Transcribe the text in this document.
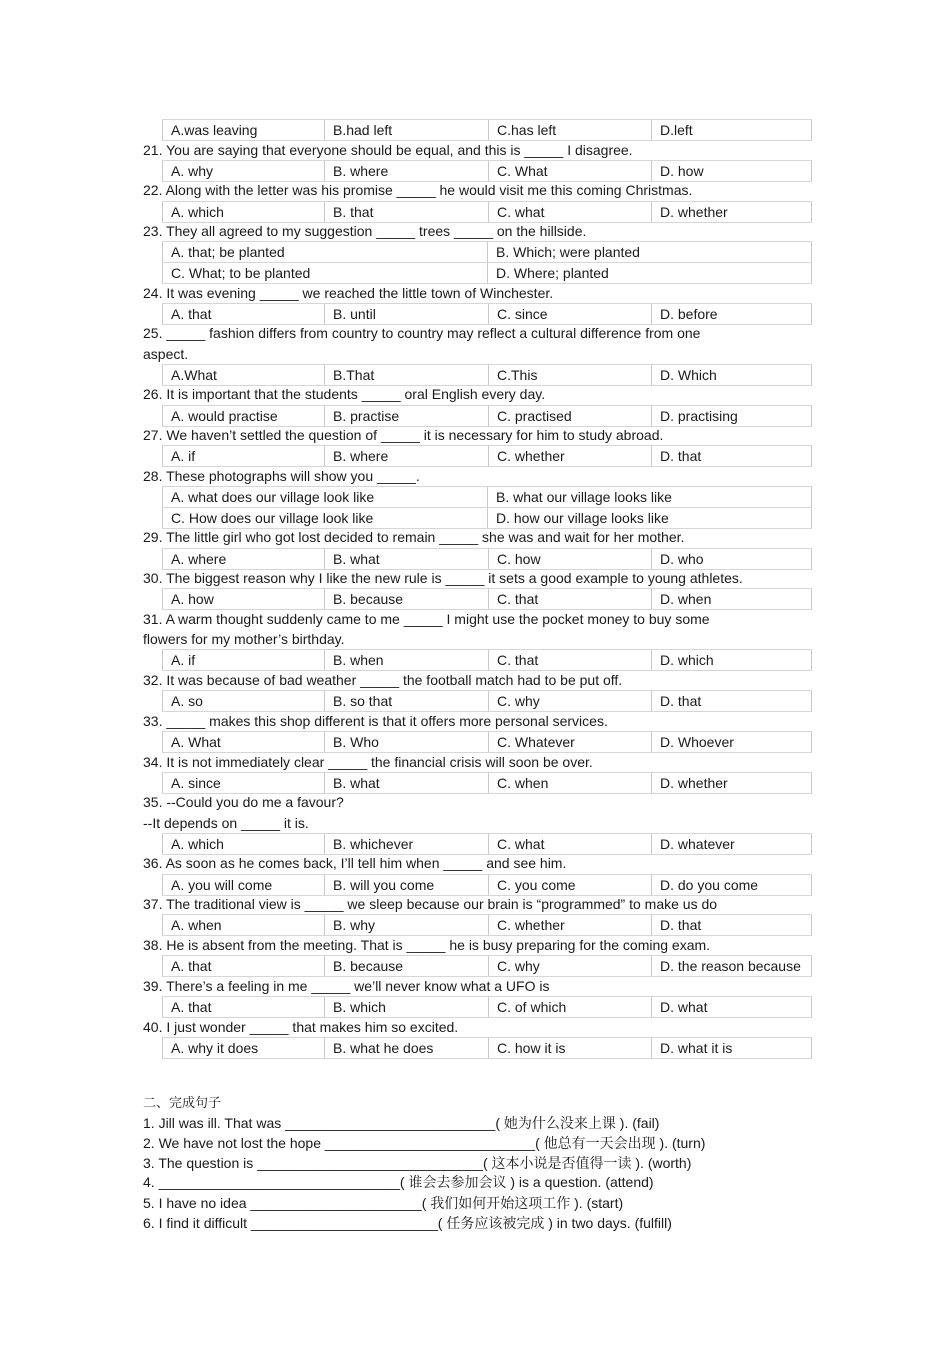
A.was leaving	B.had left	C.has left	D.left
21. You are saying that everyone should be equal, and this is _____ I disagree.
A. why	B. where	C. What	D. how
22. Along with the letter was his promise _____ he would visit me this coming Christmas.
A. which	B. that	C. what	D. whether
23. They all agreed to my suggestion _____ trees _____ on the hillside.
A. that; be planted	B. Which; were planted
C. What; to be planted	D. Where; planted
24. It was evening _____ we reached the little town of Winchester.
A. that	B. until	C. since	D. before
25. _____ fashion differs from country to country may reflect a cultural difference from one
aspect.
A.What	B.That	C.This	D. Which
26. It is important that the students _____ oral English every day.
A. would practise	B. practise	C. practised	D. practising
27. We haven’t settled the question of _____ it is necessary for him to study abroad.
A. if	B. where	C. whether	D. that
28. These photographs will show you _____.
A. what does our village look like	B. what our village looks like
C. How does our village look like	D. how our village looks like
29. The little girl who got lost decided to remain _____ she was and wait for her mother.
A. where	B. what	C. how	D. who
30. The biggest reason why I like the new rule is _____ it sets a good example to young athletes.
A. how	B. because	C. that	D. when
31. A warm thought suddenly came to me _____ I might use the pocket money to buy some
flowers for my mother’s birthday.
A. if	B. when	C. that	D. which
32. It was because of bad weather _____ the football match had to be put off.
A. so	B. so that	C. why	D. that
33. _____ makes this shop different is that it offers more personal services.
A. What	B. Who	C. Whatever	D. Whoever
34. It is not immediately clear _____ the financial crisis will soon be over.
A. since	B. what	C. when	D. whether
35. --Could you do me a favour?
--It depends on _____ it is.
A. which	B. whichever	C. what	D. whatever
36. As soon as he comes back, I’ll tell him when _____ and see him.
A. you will come	B. will you come	C. you come	D. do you come
37. The traditional view is _____ we sleep because our brain is “programmed” to make us do
A. when	B. why	C. whether	D. that
38. He is absent from the meeting. That is _____ he is busy preparing for the coming exam.
A. that	B. because	C. why	D. the reason because
39. There’s a feeling in me _____ we’ll never know what a UFO is
A. that	B. which	C. of which	D. what
40. I just wonder _____ that makes him so excited.
A. why it does	B. what he does	C. how it is	D. what it is
二、完成句子
1. Jill was ill. That was ___________________________( 她为什么没来上课 ). (fail)
2. We have not lost the hope ___________________________( 他总有一天会出现 ). (turn)
3. The question is _____________________________( 这本小说是否值得一读 ). (worth)
4. _______________________________( 谁会去参加会议 ) is a question. (attend)
5. I have no idea ______________________( 我们如何开始这项工作 ). (start)
6. I find it difficult ________________________( 任务应该被完成 ) in two days. (fulfill)
